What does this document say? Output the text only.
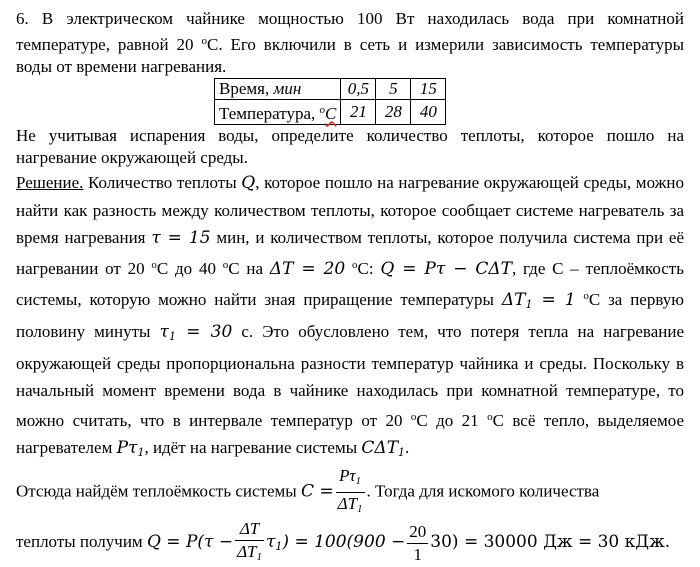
6. В электрическом чайнике мощностью 100 Вт находилась вода при комнатной температуре, равной 20 $^о$С. Его включили в сеть и измерили зависимость температуры воды от времени нагревания.

Время, мин	0,5	5	15
Температура, $^о$С	21	28	40

Не учитывая испарения воды, определите количество теплоты, которое пошло на нагревание окружающей среды.

Решение. Количество теплоты Q, которое пошло на нагревание окружающей среды, можно найти как разность между количеством теплоты, которое сообщает системе нагреватель за время нагревания τ = 15 мин, и количеством теплоты, которое получила система при её нагревании от 20 $^о$С до 40 $^о$С на ΔT = 20 $^о$С: Q = Pτ − CΔT, где С – теплоёмкость системы, которую можно найти зная приращение температуры $\Delta T_1 = 1$ $^о$С за первую половину минуты $\tau_1 = 30$ с. Это обусловлено тем, что потеря тепла на нагревание окружающей среды пропорциональна разности температур чайника и среды. Поскольку в начальный момент времени вода в чайнике находилась при комнатной температуре, то можно считать, что в интервале температур от 20 $^о$С до 21 $^о$С всё тепло, выделяемое нагревателем $P\tau_1$, идёт на нагревание системы $C\Delta T_1$.

Отсюда найдём теплоёмкость системы $C = \frac{P\tau_1}{\Delta T_1}$ . Тогда для искомого количества

теплоты получим $Q = P(\tau - \frac{\Delta T}{\Delta T_1} \tau_1) = 100(900 - \frac{20}{1} 30) = 30000$ Дж = 30 кДж.
